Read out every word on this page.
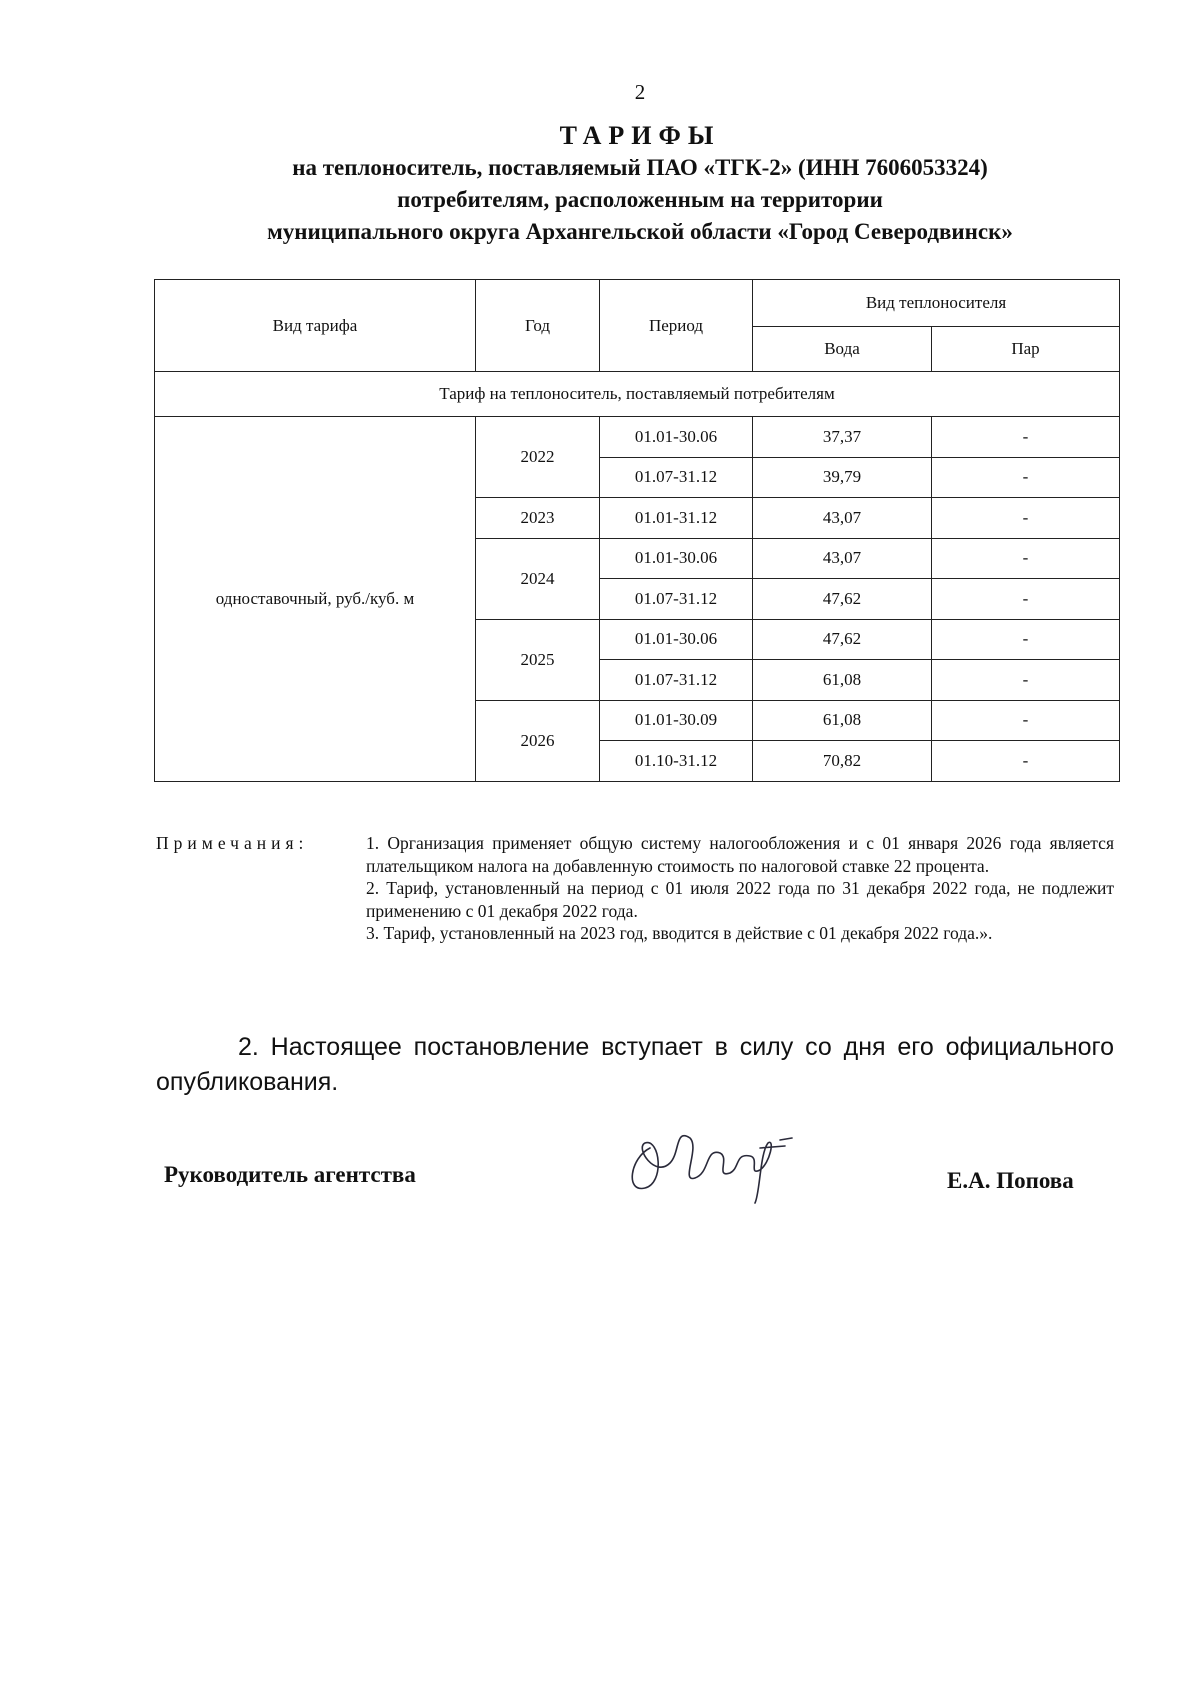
2
ТАРИФЫ
на теплоноситель, поставляемый ПАО «ТГК-2» (ИНН 7606053324)
потребителям, расположенным на территории
муниципального округа Архангельской области «Город Северодвинск»
Вид тарифа	Год	Период	Вид теплоносителя	
			Вода	Пар
Тариф на теплоноситель, поставляемый потребителям				
одноставочный, руб./куб. м	2022	01.01-30.06	37,37	-
		01.07-31.12	39,79	-
	2023	01.01-31.12	43,07	-
	2024	01.01-30.06	43,07	-
		01.07-31.12	47,62	-
	2025	01.01-30.06	47,62	-
		01.07-31.12	61,08	-
	2026	01.01-30.09	61,08	-
		01.10-31.12	70,82	-
Примечания:	1. Организация применяет общую систему налогообложения и с 01 января 2026 года является плательщиком налога на добавленную стоимость по налоговой ставке 22 процента.

2. Тариф, установленный на период с 01 июля 2022 года по 31 декабря 2022 года, не подлежит применению с 01 декабря 2022 года.

3. Тариф, установленный на 2023 год, вводится в действие с 01 декабря 2022 года.».

2. Настоящее постановление вступает в силу со дня его официального опубликования.
Руководитель агентства	Е.А. Попова
